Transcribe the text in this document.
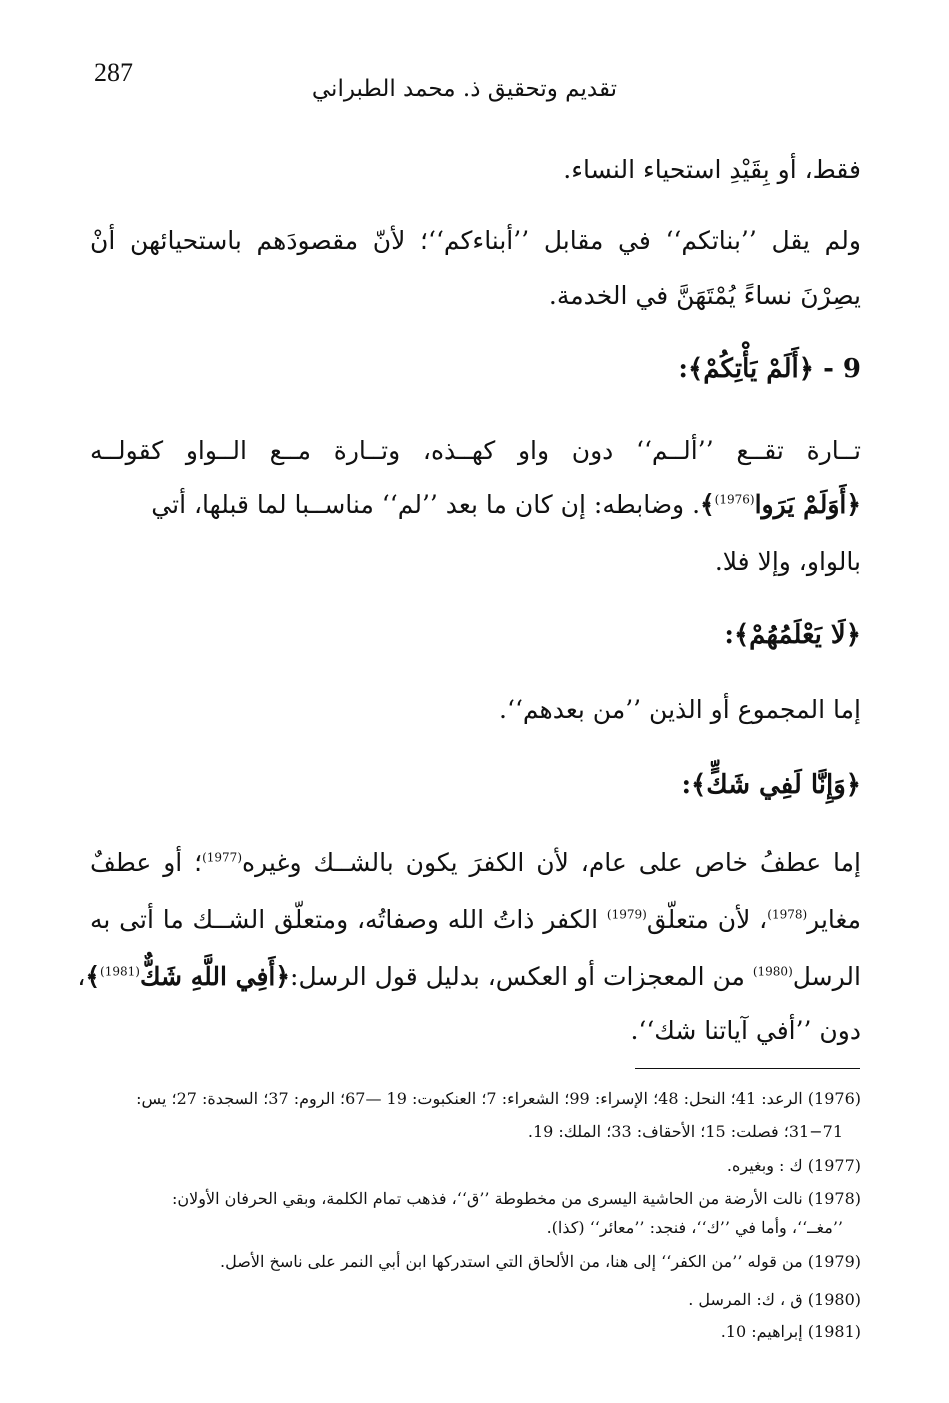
287
تقديم وتحقيق ذ. محمد الطبراني
فقط، أو بِقَيْدِ استحياء النساء.
ولم يقل ’’بناتكم‘‘ في مقابل ’’أبناءكم‘‘؛ لأنّ مقصودَهم باستحيائهن أنْ
يصِرْنَ نساءً يُمْتَهَنَّ في الخدمة.
9 - ﴿أَلَمْ يَأْتِكُمْ﴾:
تــارة تقــع ’’ألــم‘‘ دون واو كهــذه، وتــارة مــع الــواو كقولــه
﴿أَوَلَمْ يَرَوا$^{(1976)}$﴾. وضابطه: إن كان ما بعد ’’لم‘‘ مناســبا لما قبلها، أتي
بالواو، وإلا فلا.
﴿لَا يَعْلَمُهُمْ﴾:
إما المجموع أو الذين ’’من بعدهم‘‘.
﴿وَإِنَّا لَفِي شَكٍّ﴾:
إما عطفُ خاص على عام، لأن الكفرَ يكون بالشــك وغيره$^{(1977)}$؛ أو عطفٌ
مغاير$^{(1978)}$، لأن متعلّق$^{(1979)}$ الكفر ذاتُ الله وصفاتُه، ومتعلّق الشــك ما أتى به
الرسل$^{(1980)}$ من المعجزات أو العكس، بدليل قول الرسل:﴿أَفِي اللَّهِ شَكٌّ$^{(1981)}$﴾،
دون ’’أفي آياتنا شك‘‘.
(1976) الرعد: 41؛ النحل: 48؛ الإسراء: 99؛ الشعراء: 7؛ العنكبوت: 19 —67؛ الروم: 37؛ السجدة: 27؛ يس:
31−71؛ فصلت: 15؛ الأحقاف: 33؛ الملك: 19.
(1977) ك : وبغيره.
(1978) نالت الأرضة من الحاشية اليسرى من مخطوطة ’’ق‘‘، فذهب تمام الكلمة، وبقي الحرفان الأولان:
’’مغــ‘‘، وأما في ’’ك‘‘، فنجد: ’’معائر‘‘ (كذا).
(1979) من قوله ’’من الكفر‘‘ إلى هنا، من الألحاق التي استدركها ابن أبي النمر على ناسخ الأصل.
(1980) ق ، ك: المرسل .
(1981) إبراهيم: 10.
